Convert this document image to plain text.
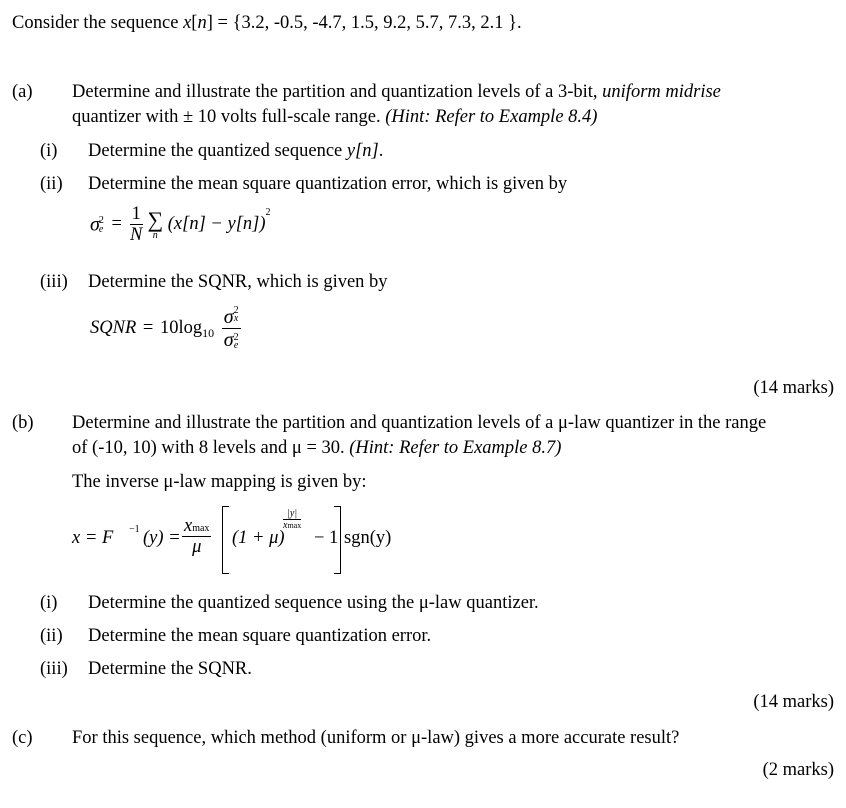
Consider the sequence x[n] = {3.2, -0.5, -4.7, 1.5, 9.2, 5.7, 7.3, 2.1 }.
(a) Determine and illustrate the partition and quantization levels of a 3-bit, uniform midrise
quantizer with ± 10 volts full-scale range. (Hint: Refer to Example 8.4)
(i) Determine the quantized sequence y[n].
(ii) Determine the mean square quantization error, which is given by
σ 2
$e = \frac{1}{N}$
∑
n
$(x[n] - y[n])^2$
(iii) Determine the SQNR, which is given by
SQNR = $10\log_{10}$ σ 2
x
σ 2
e
(14 marks)
(b) Determine and illustrate the partition and quantization levels of a μ-law quantizer in the range
of (-10, 10) with 8 levels and μ = 30. (Hint: Refer to Example 8.7)
The inverse μ-law mapping is given by:
x = F −1 (y) =
xmax
μ	(1 + μ)
|y|
xmax
− 1 sgn(y)
(i) Determine the quantized sequence using the μ-law quantizer.
(ii) Determine the mean square quantization error.
(iii) Determine the SQNR.
(14 marks)
(c) For this sequence, which method (uniform or μ-law) gives a more accurate result?
(2 marks)
